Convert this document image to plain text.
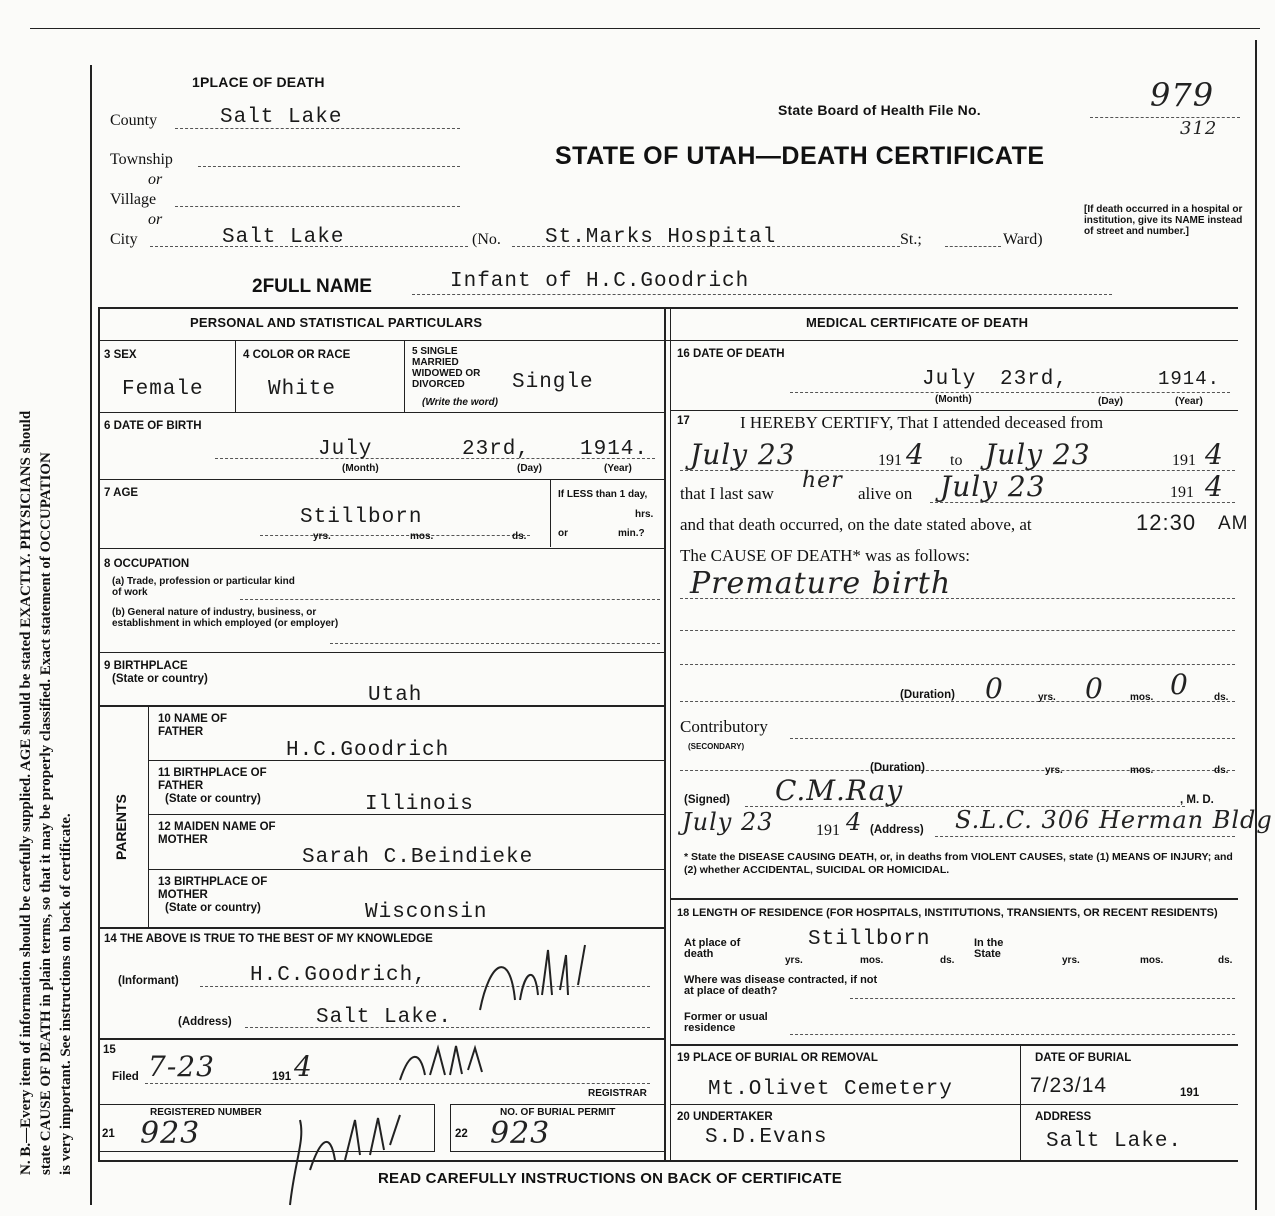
N. B.—Every item of information should be carefully supplied. AGE should be stated EXACTLY. PHYSICIANS should state CAUSE OF DEATH in plain terms, so that it may be properly classified. Exact statement of OCCUPATION is very important. See instructions on back of certificate.
1PLACE OF DEATH
State Board of Health File No.	979
312
STATE OF UTAH—DEATH CERTIFICATE
[If death occurred in a hospital or institution, give its NAME instead of street and number.]
County	Salt Lake
Township
or
Village
or
City	Salt Lake	(No. St.Marks Hospital	St.;	Ward)
2FULL NAME	Infant of H.C.Goodrich
PERSONAL AND STATISTICAL PARTICULARS	MEDICAL CERTIFICATE OF DEATH
3 SEX
Female
4 COLOR OR RACE
White
5 SINGLE MARRIED WIDOWED OR DIVORCED
(Write the word)
Single
6 DATE OF BIRTH
July	23rd, 1914.
(Month)	(Day)	(Year)
7 AGE
Stillborn
yrs.	mos.	ds.
If LESS than 1 day,
hrs.
or	min.?
8 OCCUPATION
(a) Trade, profession or particular kind of work
(b) General nature of industry, business, or establishment in which employed (or employer)
9 BIRTHPLACE
(State or country)
Utah
PARENTS
10 NAME OF FATHER
H.C.Goodrich
11 BIRTHPLACE OF FATHER
(State or country)	Illinois
12 MAIDEN NAME OF MOTHER
Sarah C.Beindieke
13 BIRTHPLACE OF MOTHER
(State or country)	Wisconsin
14 THE ABOVE IS TRUE TO THE BEST OF MY KNOWLEDGE
(Informant)	H.C.Goodrich,
(Address)	Salt Lake.
15
Filed 7-23	191 4
REGISTRAR
REGISTERED NUMBER
21 923
NO. OF BURIAL PERMIT
22 923
16 DATE OF DEATH
July 23rd,	1914.
(Month)	(Day)	(Year)
17	I HEREBY CERTIFY, That I attended deceased from
July 23	191 4 to July 23	191 4
that I last saw
her
alive on July 23	191 4
and that death occurred, on the date stated above, at	12:30 AM
The CAUSE OF DEATH* was as follows:
Premature birth
(Duration) 0	yrs. 0	mos. 0	ds.
Contributory
(SECONDARY)
(Duration)	yrs.	mos.	ds.
(Signed) C.M.Ray	, M. D.
July 23	191 4 (Address) S.L.C. 306 Herman Bldg
* State the DISEASE CAUSING DEATH, or, in deaths from VIOLENT CAUSES, state (1) MEANS OF INJURY; and (2) whether ACCIDENTAL, SUICIDAL OR HOMICIDAL.
18 LENGTH OF RESIDENCE (FOR HOSPITALS, INSTITUTIONS, TRANSIENTS, OR RECENT RESIDENTS)
At place of death
Stillborn
yrs.	mos.	ds.
In the State
yrs.	mos.	ds.
Where was disease contracted, if not at place of death?
Former or usual residence
19 PLACE OF BURIAL OR REMOVAL
Mt.Olivet Cemetery
DATE OF BURIAL
7/23/14	191
20 UNDERTAKER
S.D.Evans
ADDRESS
Salt Lake.
READ CAREFULLY INSTRUCTIONS ON BACK OF CERTIFICATE
